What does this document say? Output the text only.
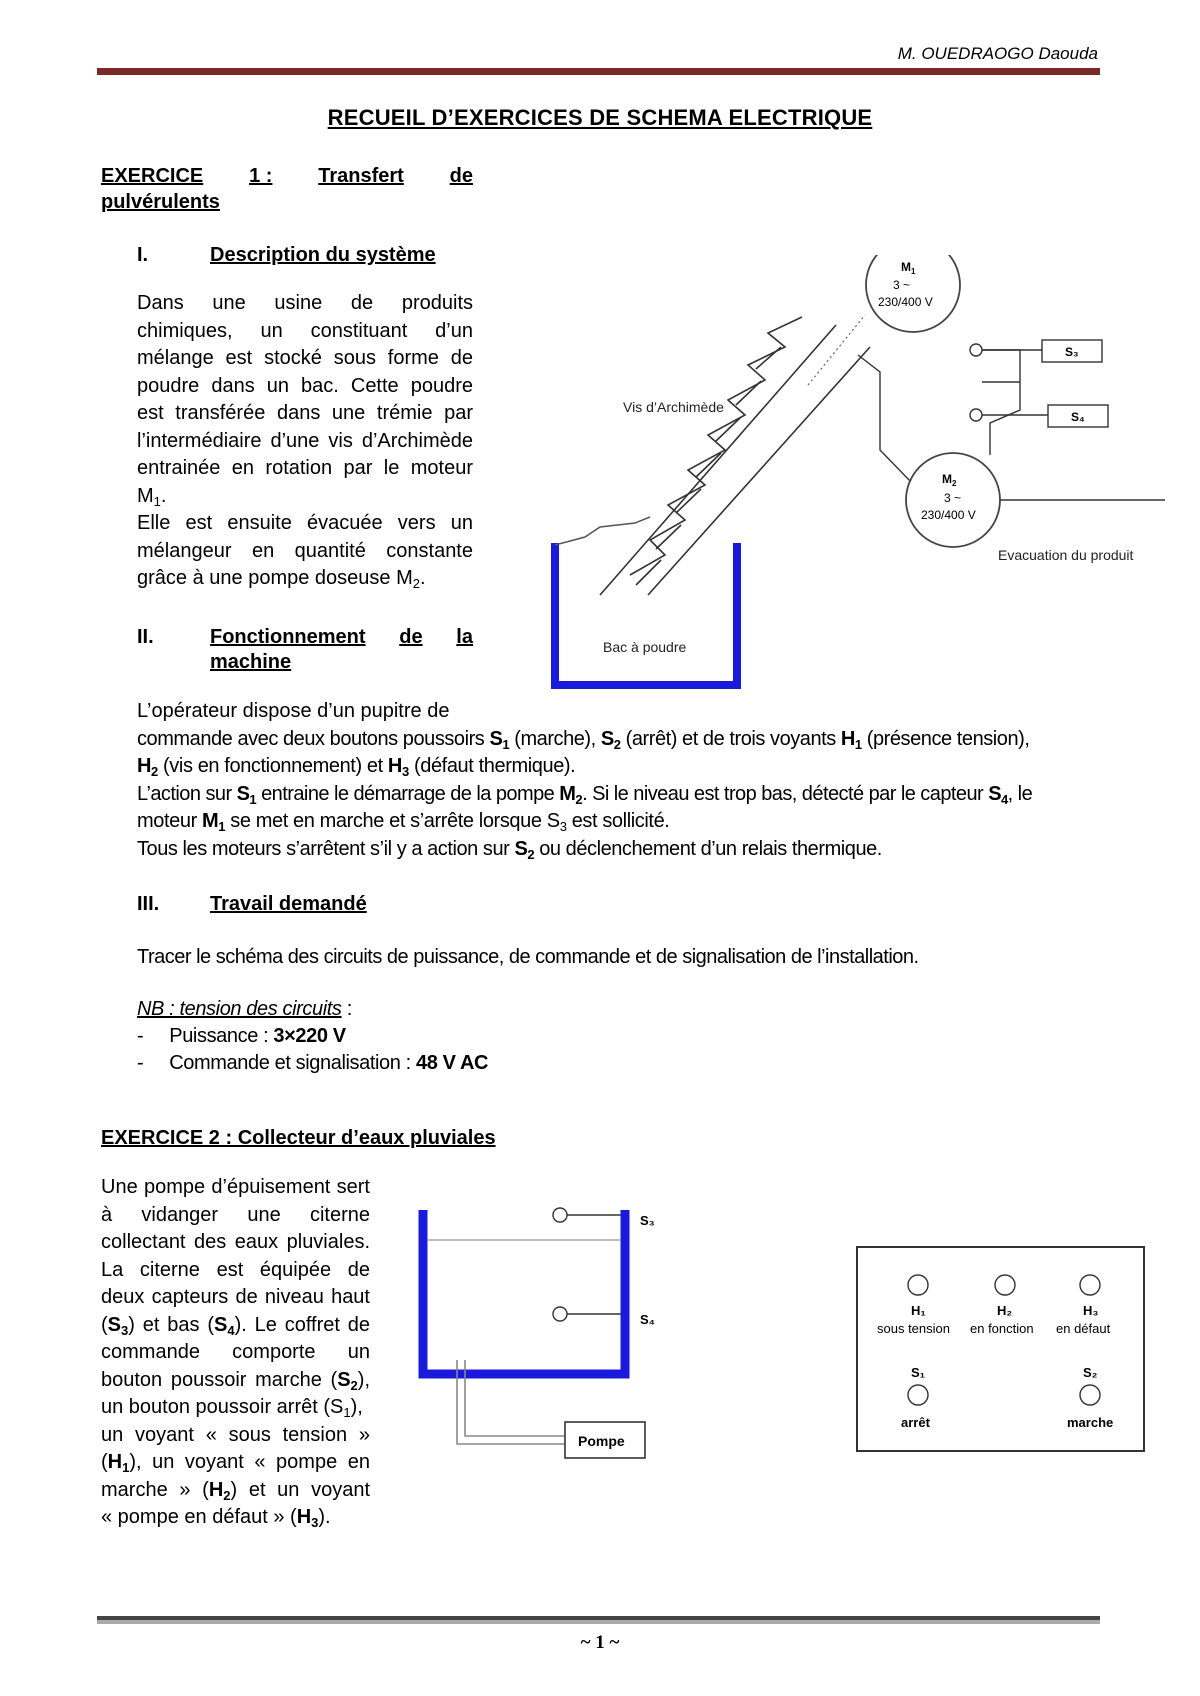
M. OUEDRAOGO Daouda
RECUEIL D’EXERCICES DE SCHEMA ELECTRIQUE
EXERCICE 1 : Transfert de
pulvérulents
I.	Description du système
Dans une usine de produits
chimiques, un constituant d’un
mélange est stocké sous forme de
poudre dans un bac. Cette poudre
est transférée dans une trémie par
l’intermédiaire d’une vis d’Archimède
entrainée en rotation par le moteur
$M_1$.
Elle est ensuite évacuée vers un
mélangeur en quantité constante
grâce à une pompe doseuse $M_2$.
II.	Fonctionnement de la
machine
L’opérateur dispose d’un pupitre de
commande avec deux boutons poussoirs $S_1$ (marche), $S_2$ (arrêt) et de trois voyants $H_1$ (présence tension),
$H_2$ (vis en fonctionnement) et $H_3$ (défaut thermique).
L’action sur $S_1$ entraine le démarrage de la pompe $M_2$. Si le niveau est trop bas, détecté par le capteur $S_4$, le
moteur $M_1$ se met en marche et s’arrête lorsque $S_3$ est sollicité.
Tous les moteurs s’arrêtent s’il y a action sur $S_2$ ou déclenchement d’un relais thermique.
III.	Travail demandé
Tracer le schéma des circuits de puissance, de commande et de signalisation de l’installation.
NB : tension des circuits :
- Puissance : 3×220 V
- Commande et signalisation : 48 V AC
Bac à poudre
Vis d’Archimède
$M_1$
3 ~
230/400 V
$M_2$
3 ~
230/400 V
Evacuation du produit
S₃
S₄
EXERCICE 2 : Collecteur d’eaux pluviales
Une pompe d’épuisement sert
à vidanger une citerne
collectant des eaux pluviales.
La citerne est équipée de
deux capteurs de niveau haut
$(S_3)$ et bas $(S_4)$. Le coffret de
commande comporte un
bouton poussoir marche $(S_2)$,
un bouton poussoir arrêt $(S_1)$,
un voyant « sous tension »
$(H_1)$, un voyant « pompe en
marche » $(H_2)$ et un voyant
« pompe en défaut » $(H_3)$.
S₃
S₄
Pompe
H₁
sous tension
H₂
en fonction
H₃
en défaut
S₁
arrêt
S₂
marche
~ 1 ~
